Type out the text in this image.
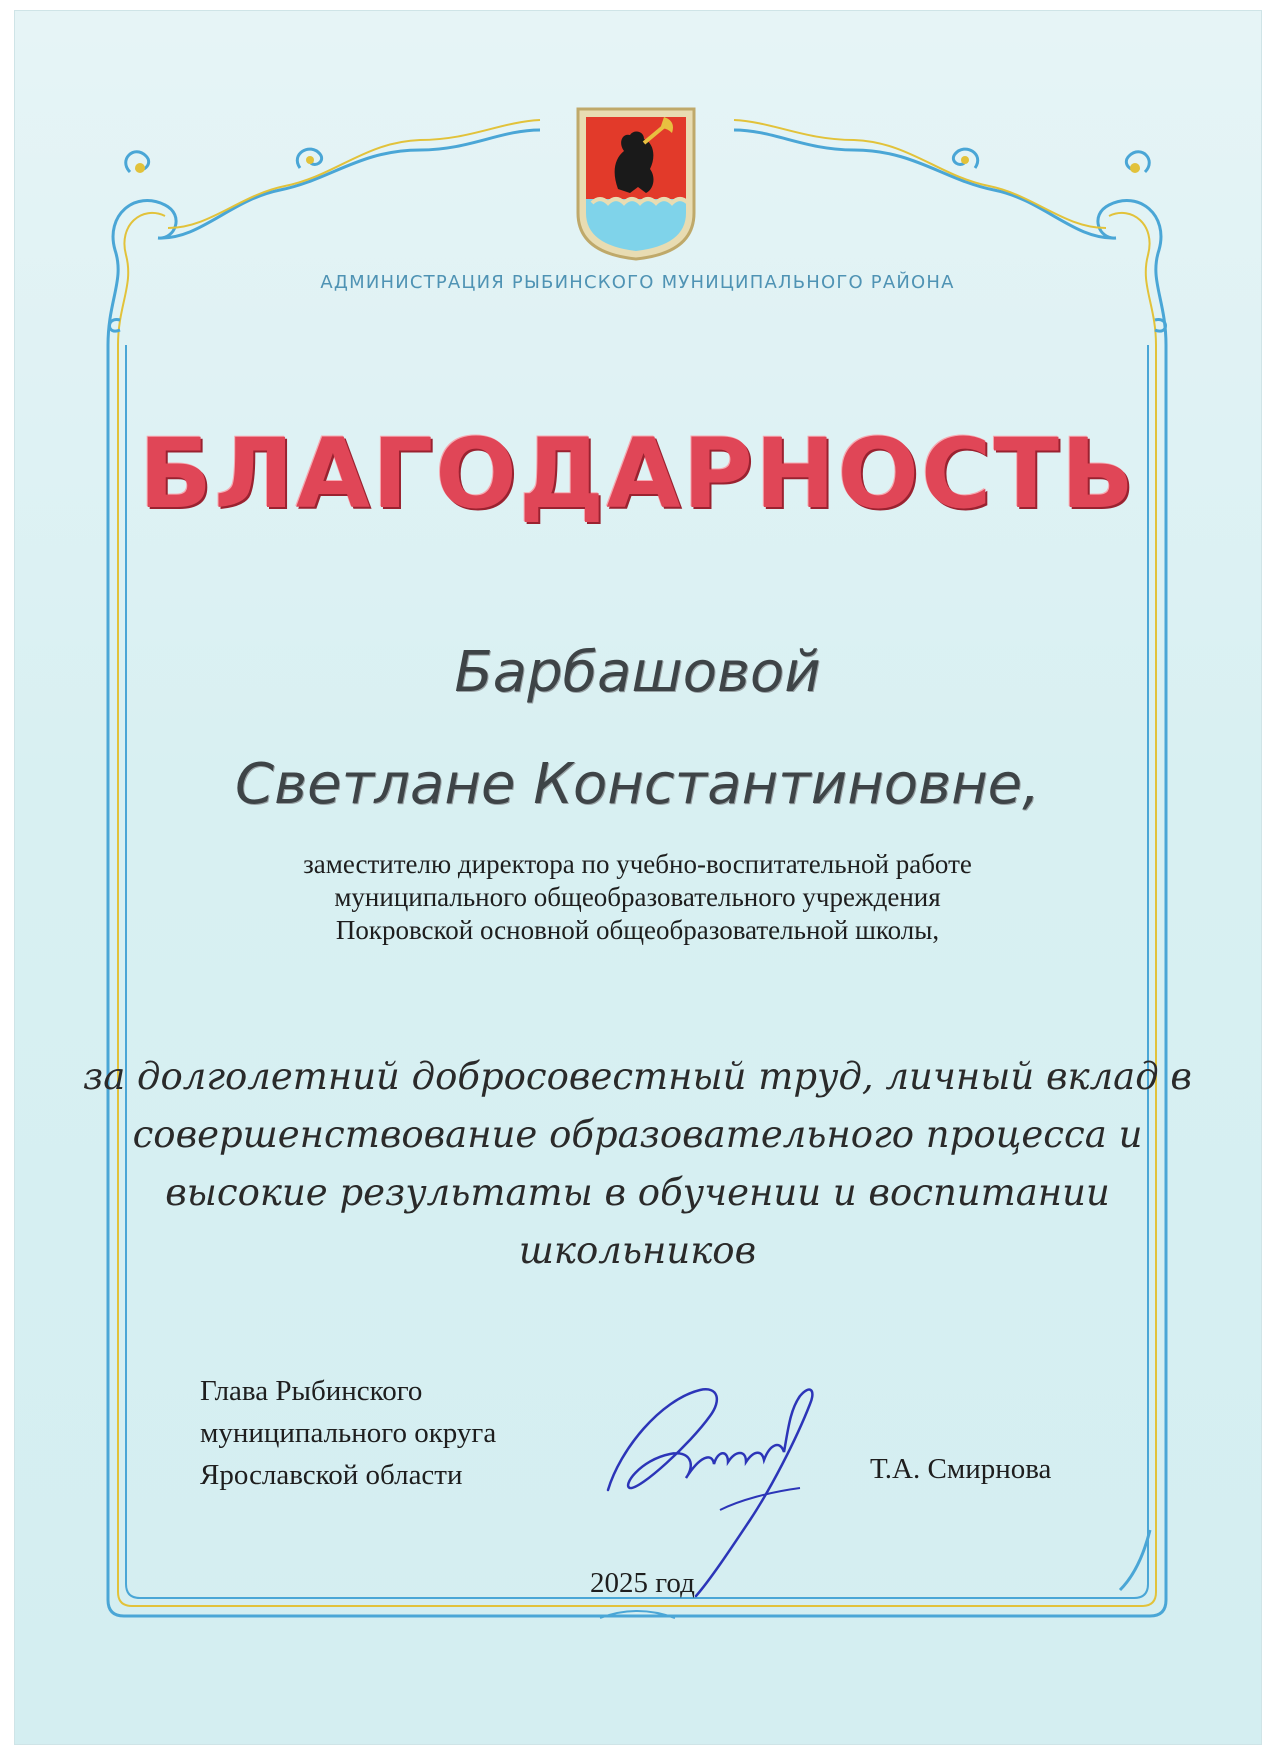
АДМИНИСТРАЦИЯ РЫБИНСКОГО МУНИЦИПАЛЬНОГО РАЙОНА
БЛАГОДАРНОСТЬ
Барбашовой
Светлане Константиновне,
заместителю директора по учебно-воспитательной работе
муниципального общеобразовательного учреждения
Покровской основной общеобразовательной школы,
за долголетний добросовестный труд, личный вклад в
совершенствование образовательного процесса и
высокие результаты в обучении и воспитании
школьников
Глава Рыбинского
муниципального округа
Ярославской области	Т.А. Смирнова
2025 год
